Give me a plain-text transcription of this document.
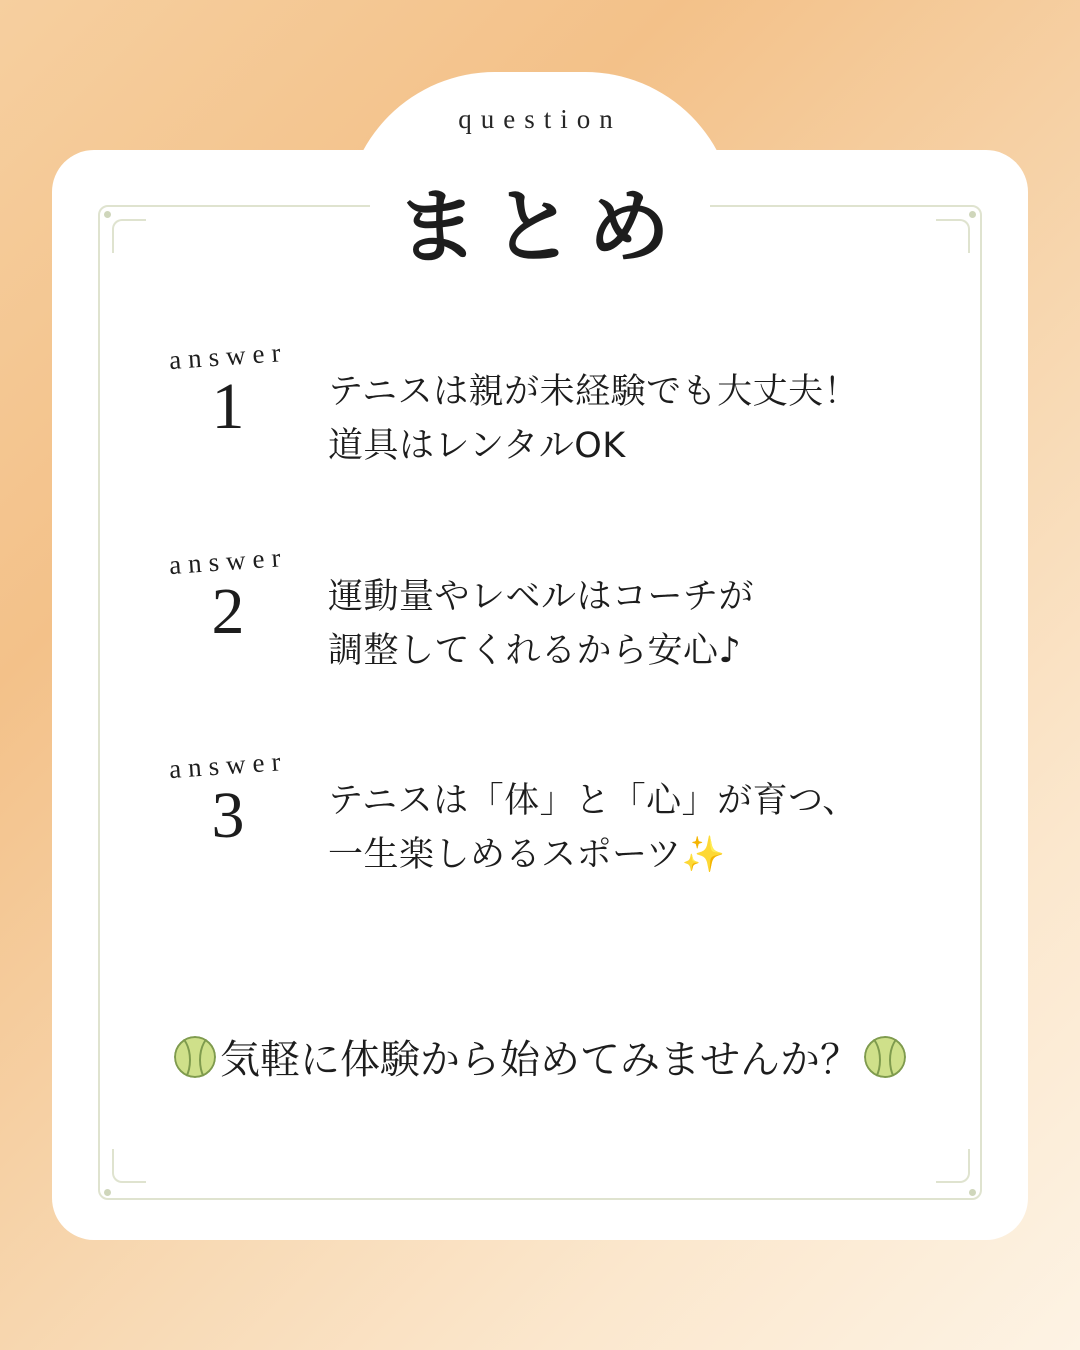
question
まとめ
answer
1	テニスは親が未経験でも大丈夫！
道具はレンタルOK
answer
2	運動量やレベルはコーチが
調整してくれるから安心♪
answer
3	テニスは「体」と「心」が育つ、
一生楽しめるスポーツ✨
気軽に体験から始めてみませんか？
